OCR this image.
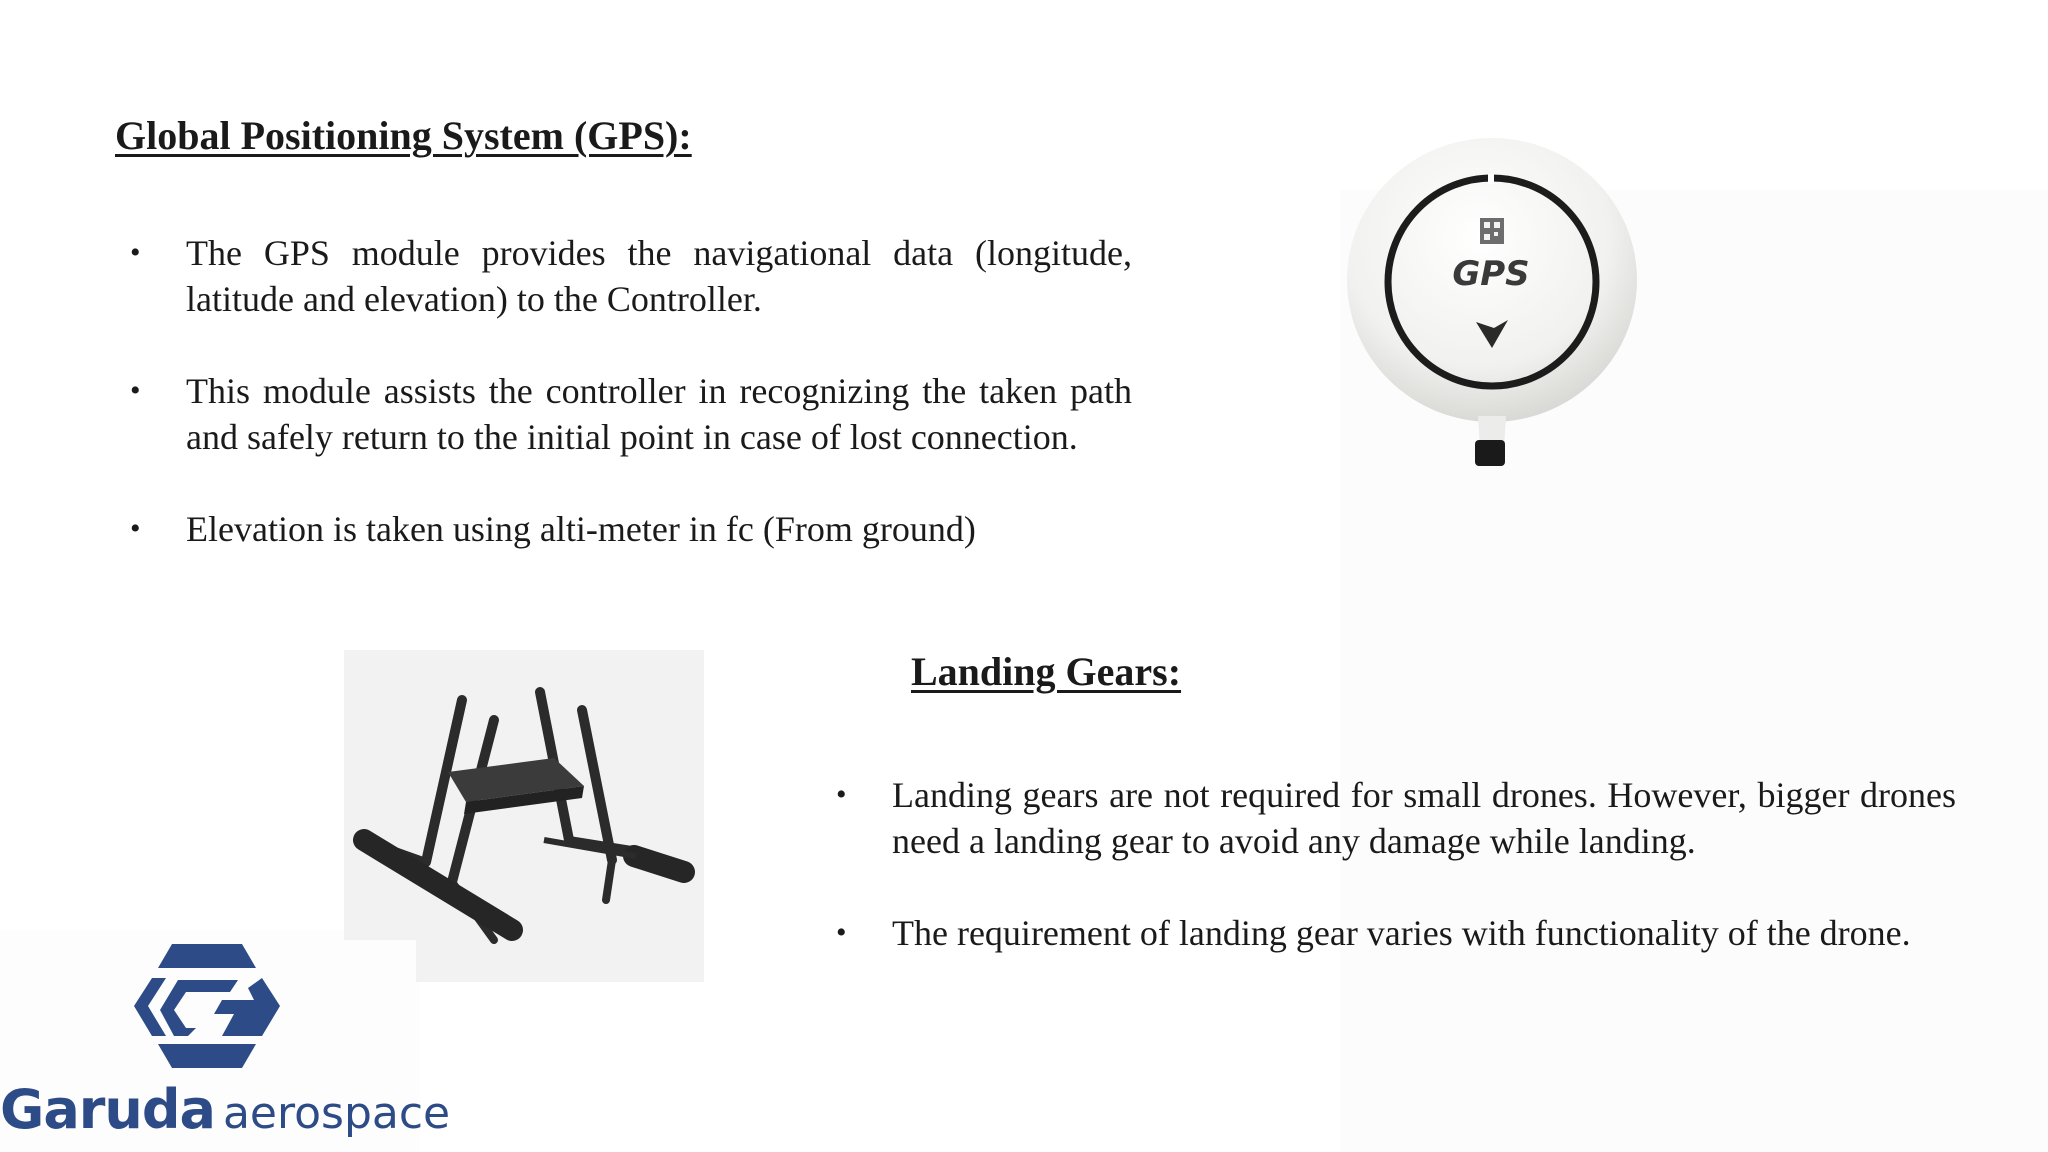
Global Positioning System (GPS):
• The GPS module provides the navigational data (longitude, latitude and elevation) to the Controller.
• This module assists the controller in recognizing the taken path and safely return to the initial point in case of lost connection.
• Elevation is taken using alti-meter in fc (From ground)
GPS
Landing Gears:
• Landing gears are not required for small drones. However, bigger drones need a landing gear to avoid any damage while landing.
• The requirement of landing gear varies with functionality of the drone.
Garuda aerospace
